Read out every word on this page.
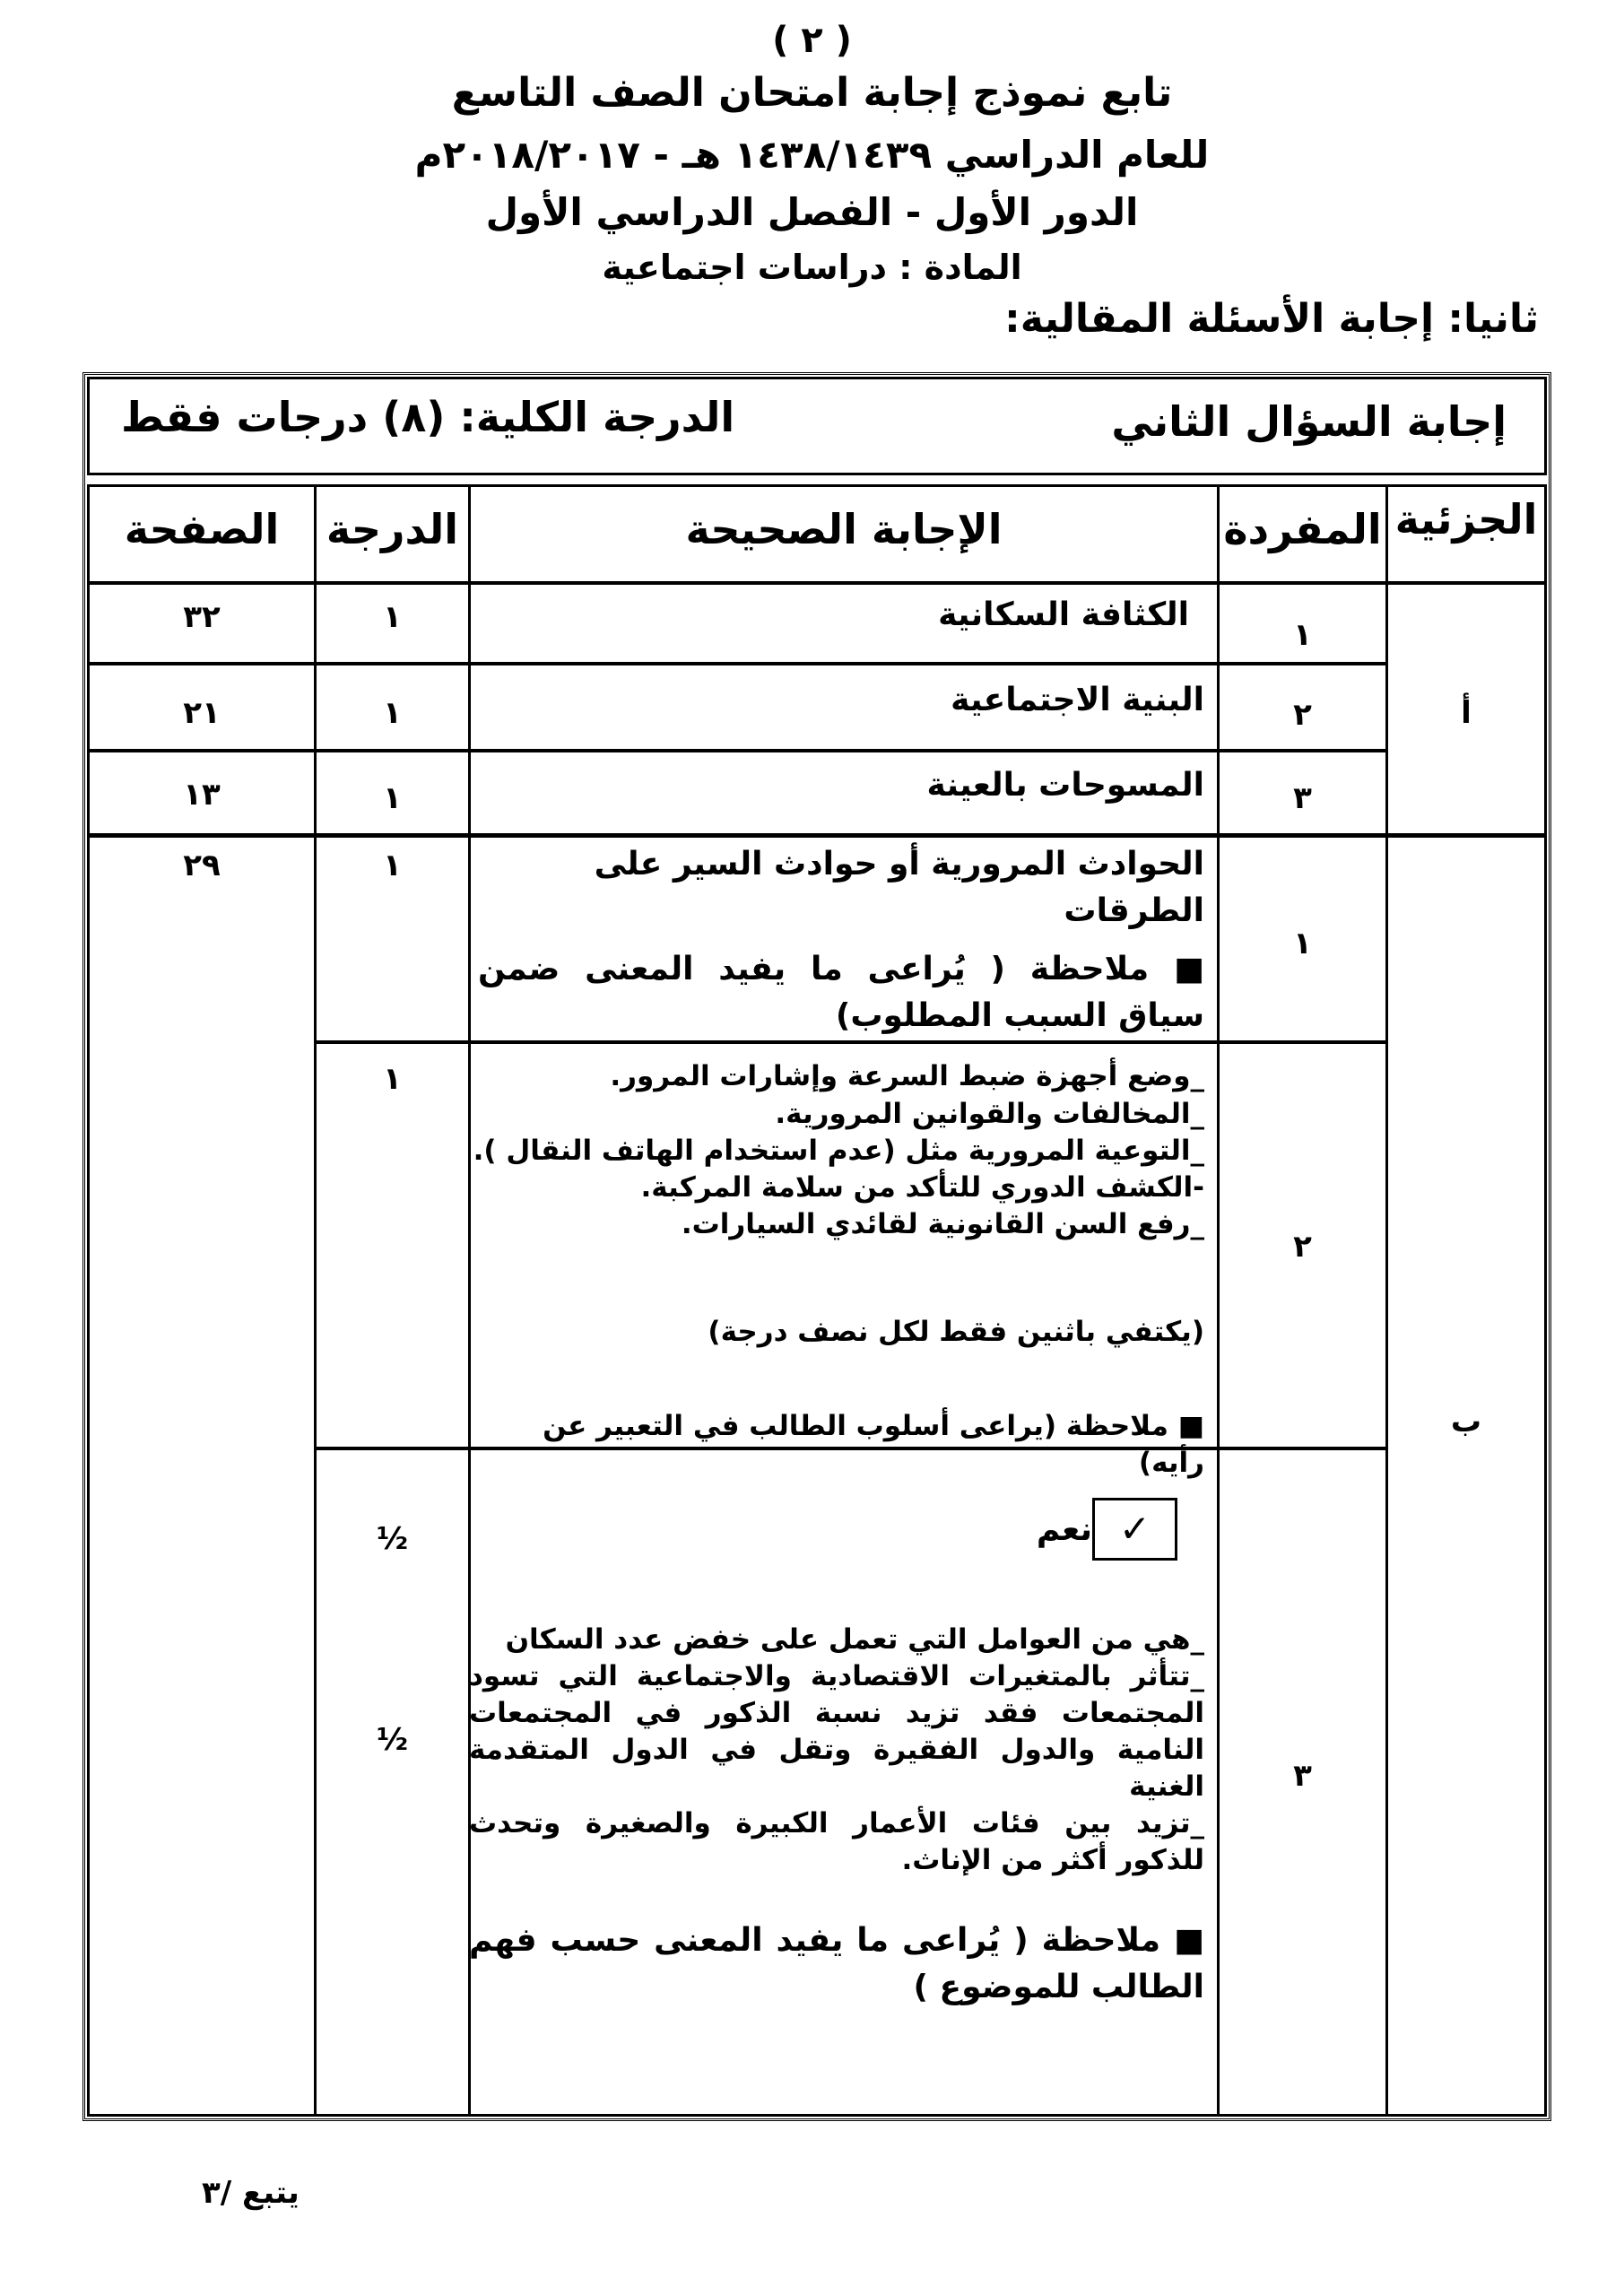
( ٢ )
تابع نموذج إجابة امتحان الصف التاسع
للعام الدراسي ١٤٣٨/١٤٣٩ هـ - ٢٠١٨/٢٠١٧م
الدور الأول - الفصل الدراسي الأول
المادة : دراسات اجتماعية
ثانيا: إجابة الأسئلة المقالية:
إجابة السؤال الثاني
الدرجة الكلية: (٨) درجات فقط
الجزئية
المفردة
الإجابة الصحيحة
الدرجة
الصفحة
أ
١
الكثافة السكانية
١
٣٢
٢
البنية الاجتماعية
١
٢١
٣
المسوحات بالعينة
١
١٣
ب
٢٩
١
١	الحوادث المرورية أو حوادث السير على الطرقات
■ ملاحظة ( يُراعى ما يفيد المعنى ضمن سياق السبب المطلوب)
٢
١	_وضع أجهزة ضبط السرعة وإشارات المرور.
_المخالفات والقوانين المرورية.
_التوعية المرورية مثل (عدم استخدام الهاتف النقال ).
-الكشف الدوري للتأكد من سلامة المركبة.
_رفع السن القانونية لقائدي السيارات.
(يكتفي باثنين فقط لكل نصف درجة)
■ ملاحظة (يراعى أسلوب الطالب في التعبير عن رأيه)
٣
½
½
✓
نعم
_هي من العوامل التي تعمل على خفض عدد السكان
_تتأثر بالمتغيرات الاقتصادية والاجتماعية التي تسود المجتمعات فقد تزيد نسبة الذكور في المجتمعات النامية والدول الفقيرة وتقل في الدول المتقدمة الغنية
_تزيد بين فئات الأعمار الكبيرة والصغيرة وتحدث للذكور أكثر من الإناث.
■ ملاحظة ( يُراعى ما يفيد المعنى حسب فهم الطالب للموضوع )
يتبع /٣
